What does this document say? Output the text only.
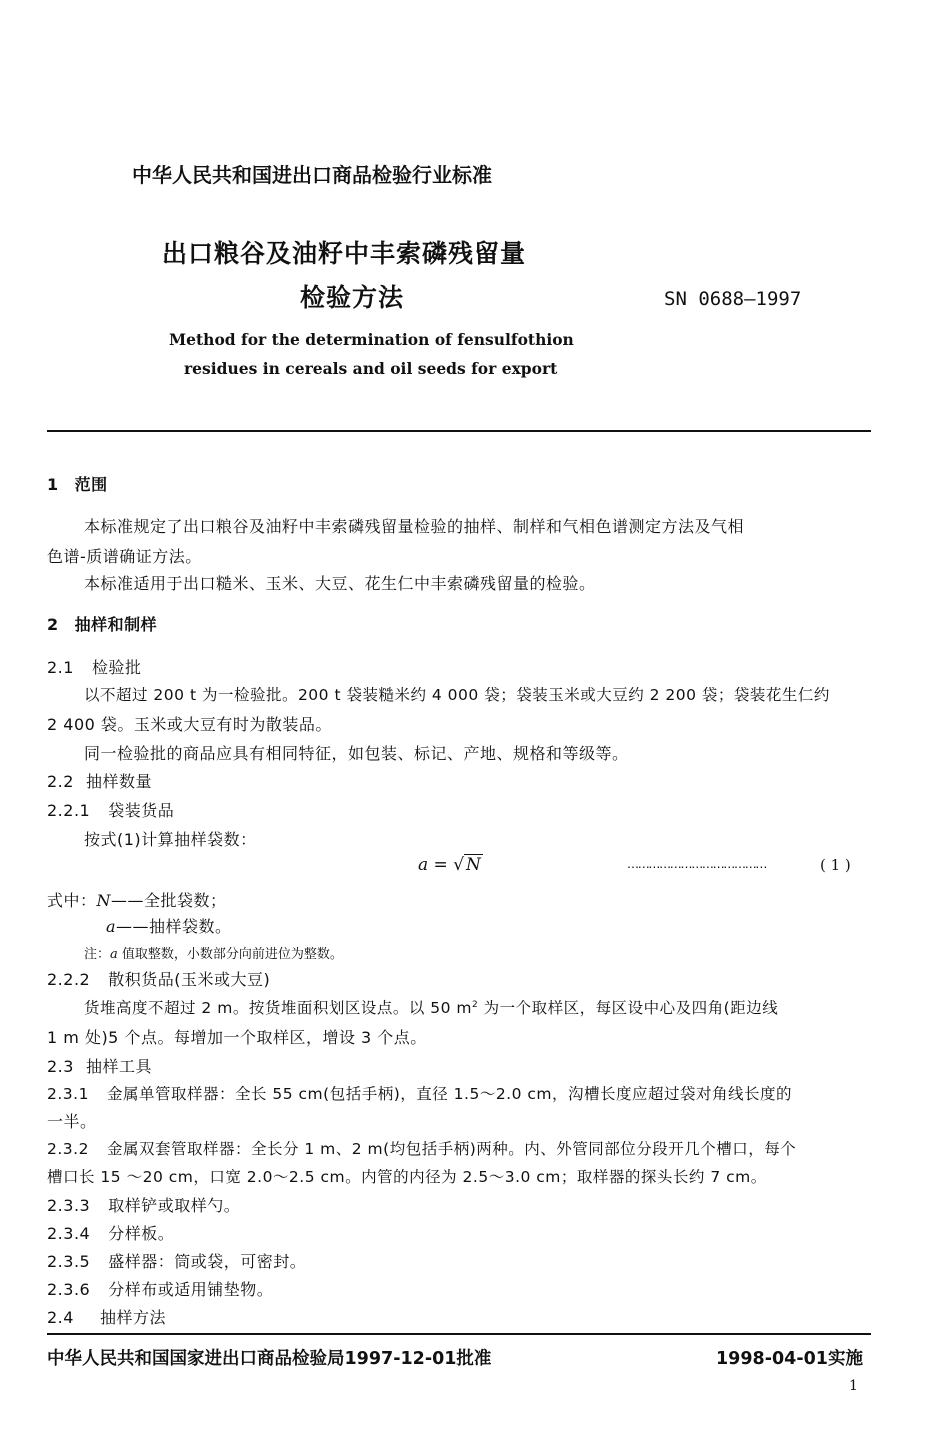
中华人民共和国进出口商品检验行业标准
出口粮谷及油籽中丰索磷残留量
检验方法	SN 0688—1997
Method for the determination of fensulfothion
residues in cereals and oil seeds for export
1 范围
本标准规定了出口粮谷及油籽中丰索磷残留量检验的抽样、制样和气相色谱测定方法及气相
色谱-质谱确证方法。
本标准适用于出口糙米、玉米、大豆、花生仁中丰索磷残留量的检验。
2 抽样和制样
2.1 检验批
以不超过 200 t 为一检验批。200 t 袋装糙米约 4 000 袋；袋装玉米或大豆约 2 200 袋；袋装花生仁约
2 400 袋。玉米或大豆有时为散装品。
同一检验批的商品应具有相同特征，如包装、标记、产地、规格和等级等。
2.2 抽样数量
2.2.1 袋装货品
按式(1)计算抽样袋数：
a = √ N	…………………………………	( 1 )
式中：N——全批袋数；
a——抽样袋数。
注：a 值取整数，小数部分向前进位为整数。
2.2.2 散积货品(玉米或大豆)
货堆高度不超过 2 m。按货堆面积划区设点。以 50 $m^2$ 为一个取样区，每区设中心及四角(距边线
1 m 处)5 个点。每增加一个取样区，增设 3 个点。
2.3 抽样工具
2.3.1 金属单管取样器：全长 55 cm(包括手柄)，直径 1.5～2.0 cm，沟槽长度应超过袋对角线长度的
一半。
2.3.2 金属双套管取样器：全长分 1 m、2 m(均包括手柄)两种。内、外管同部位分段开几个槽口，每个
槽口长 15 ～20 cm，口宽 2.0～2.5 cm。内管的内径为 2.5～3.0 cm；取样器的探头长约 7 cm。
2.3.3 取样铲或取样勺。
2.3.4 分样板。
2.3.5 盛样器：筒或袋，可密封。
2.3.6 分样布或适用铺垫物。
2.4 抽样方法
中华人民共和国国家进出口商品检验局1997-12-01批准	1998-04-01实施
1
